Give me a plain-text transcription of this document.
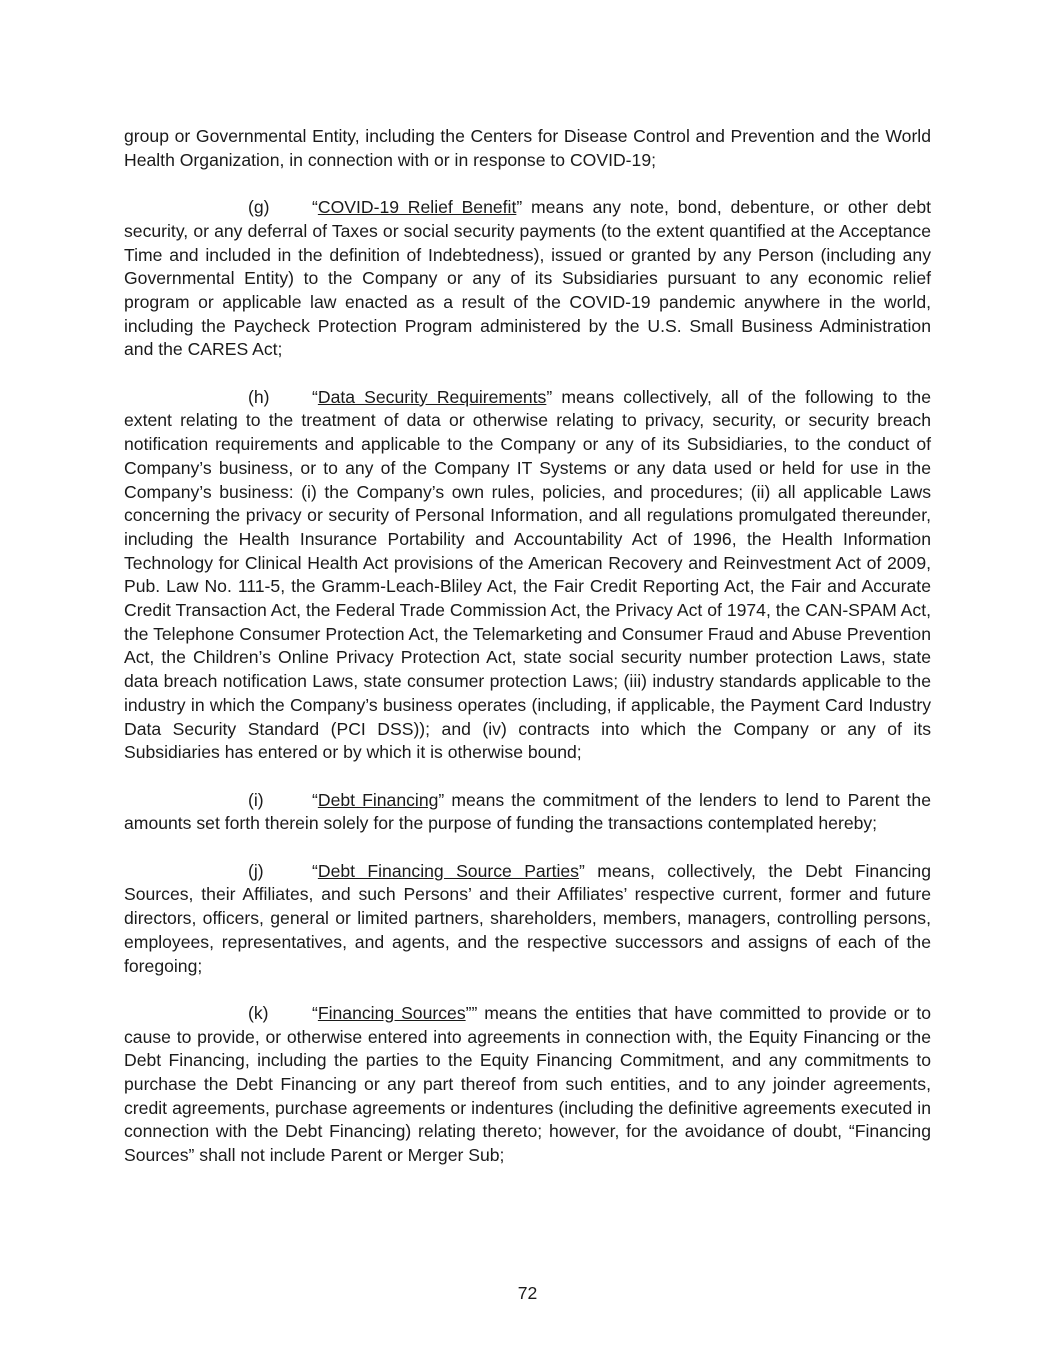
group or Governmental Entity, including the Centers for Disease Control and Prevention and the World Health Organization, in connection with or in response to COVID-19;

(g) “COVID-19 Relief Benefit” means any note, bond, debenture, or other debt security, or any deferral of Taxes or social security payments (to the extent quantified at the Acceptance Time and included in the definition of Indebtedness), issued or granted by any Person (including any Governmental Entity) to the Company or any of its Subsidiaries pursuant to any economic relief program or applicable law enacted as a result of the COVID-19 pandemic anywhere in the world, including the Paycheck Protection Program administered by the U.S. Small Business Administration and the CARES Act;

(h) “Data Security Requirements” means collectively, all of the following to the extent relating to the treatment of data or otherwise relating to privacy, security, or security breach notification requirements and applicable to the Company or any of its Subsidiaries, to the conduct of Company’s business, or to any of the Company IT Systems or any data used or held for use in the Company’s business: (i) the Company’s own rules, policies, and procedures; (ii) all applicable Laws concerning the privacy or security of Personal Information, and all regulations promulgated thereunder, including the Health Insurance Portability and Accountability Act of 1996, the Health Information Technology for Clinical Health Act provisions of the American Recovery and Reinvestment Act of 2009, Pub. Law No. 111-5, the Gramm-Leach-Bliley Act, the Fair Credit Reporting Act, the Fair and Accurate Credit Transaction Act, the Federal Trade Commission Act, the Privacy Act of 1974, the CAN-SPAM Act, the Telephone Consumer Protection Act, the Telemarketing and Consumer Fraud and Abuse Prevention Act, the Children’s Online Privacy Protection Act, state social security number protection Laws, state data breach notification Laws, state consumer protection Laws; (iii) industry standards applicable to the industry in which the Company’s business operates (including, if applicable, the Payment Card Industry Data Security Standard (PCI DSS)); and (iv) contracts into which the Company or any of its Subsidiaries has entered or by which it is otherwise bound;

(i)	“Debt Financing” means the commitment of the lenders to lend to Parent the amounts set forth therein solely for the purpose of funding the transactions contemplated hereby;

(j)	“Debt Financing Source Parties” means, collectively, the Debt Financing Sources, their Affiliates, and such Persons’ and their Affiliates’ respective current, former and future directors, officers, general or limited partners, shareholders, members, managers, controlling persons, employees, representatives, and agents, and the respective successors and assigns of each of the foregoing;

(k) “Financing Sources”” means the entities that have committed to provide or to cause to provide, or otherwise entered into agreements in connection with, the Equity Financing or the Debt Financing, including the parties to the Equity Financing Commitment, and any commitments to purchase the Debt Financing or any part thereof from such entities, and to any joinder agreements, credit agreements, purchase agreements or indentures (including the definitive agreements executed in connection with the Debt Financing) relating thereto; however, for the avoidance of doubt, “Financing Sources” shall not include Parent or Merger Sub;

72
